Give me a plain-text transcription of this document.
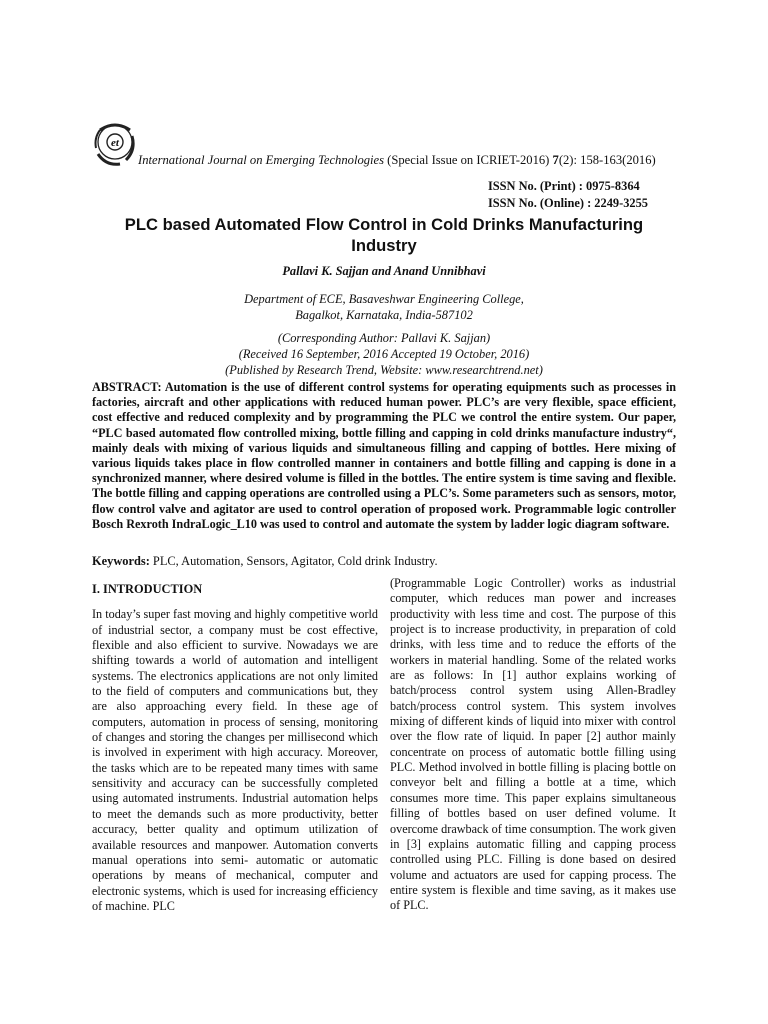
et
International Journal on Emerging Technologies (Special Issue on ICRIET-2016) 7(2): 158-163(2016)
ISSN No. (Print) : 0975-8364
ISSN No. (Online) : 2249-3255
PLC based Automated Flow Control in Cold Drinks Manufacturing Industry
Pallavi K. Sajjan and Anand Unnibhavi
Department of ECE, Basaveshwar Engineering College,
Bagalkot, Karnataka, India-587102
(Corresponding Author: Pallavi K. Sajjan)
(Received 16 September, 2016 Accepted 19 October, 2016)
(Published by Research Trend, Website: www.researchtrend.net)
ABSTRACT: Automation is the use of different control systems for operating equipments such as processes in factories, aircraft and other applications with reduced human power. PLC’s are very flexible, space efficient, cost effective and reduced complexity and by programming the PLC we control the entire system. Our paper, “PLC based automated flow controlled mixing, bottle filling and capping in cold drinks manufacture industry“, mainly deals with mixing of various liquids and simultaneous filling and capping of bottles. Here mixing of various liquids takes place in flow controlled manner in containers and bottle filling and capping is done in a synchronized manner, where desired volume is filled in the bottles. The entire system is time saving and flexible. The bottle filling and capping operations are controlled using a PLC’s. Some parameters such as sensors, motor, flow control valve and agitator are used to control operation of proposed work. Programmable logic controller Bosch Rexroth IndraLogic_L10 was used to control and automate the system by ladder logic diagram software.
Keywords: PLC, Automation, Sensors, Agitator, Cold drink Industry.
I. INTRODUCTION

In today’s super fast moving and highly competitive world of industrial sector, a company must be cost effective, flexible and also efficient to survive. Nowadays we are shifting towards a world of automation and intelligent systems. The electronics applications are not only limited to the field of computers and communications but, they are also approaching every field. In these age of computers, automation in process of sensing, monitoring of changes and storing the changes per millisecond which is involved in experiment with high accuracy. Moreover, the tasks which are to be repeated many times with same sensitivity and accuracy can be successfully completed using automated instruments. Industrial automation helps to meet the demands such as more productivity, better accuracy, better quality and optimum utilization of available resources and manpower. Automation converts manual operations into semi- automatic or automatic operations by means of mechanical, computer and electronic systems, which is used for increasing efficiency of machine. PLC

(Programmable Logic Controller) works as industrial computer, which reduces man power and increases productivity with less time and cost. The purpose of this project is to increase productivity, in preparation of cold drinks, with less time and to reduce the efforts of the workers in material handling. Some of the related works are as follows: In [1] author explains working of batch/process control system using Allen-Bradley batch/process control system. This system involves mixing of different kinds of liquid into mixer with control over the flow rate of liquid. In paper [2] author mainly concentrate on process of automatic bottle filling using PLC. Method involved in bottle filling is placing bottle on conveyor belt and filling a bottle at a time, which consumes more time. This paper explains simultaneous filling of bottles based on user defined volume. It overcome drawback of time consumption. The work given in [3] explains automatic filling and capping process controlled using PLC. Filling is done based on desired volume and actuators are used for capping process. The entire system is flexible and time saving, as it makes use of PLC.
